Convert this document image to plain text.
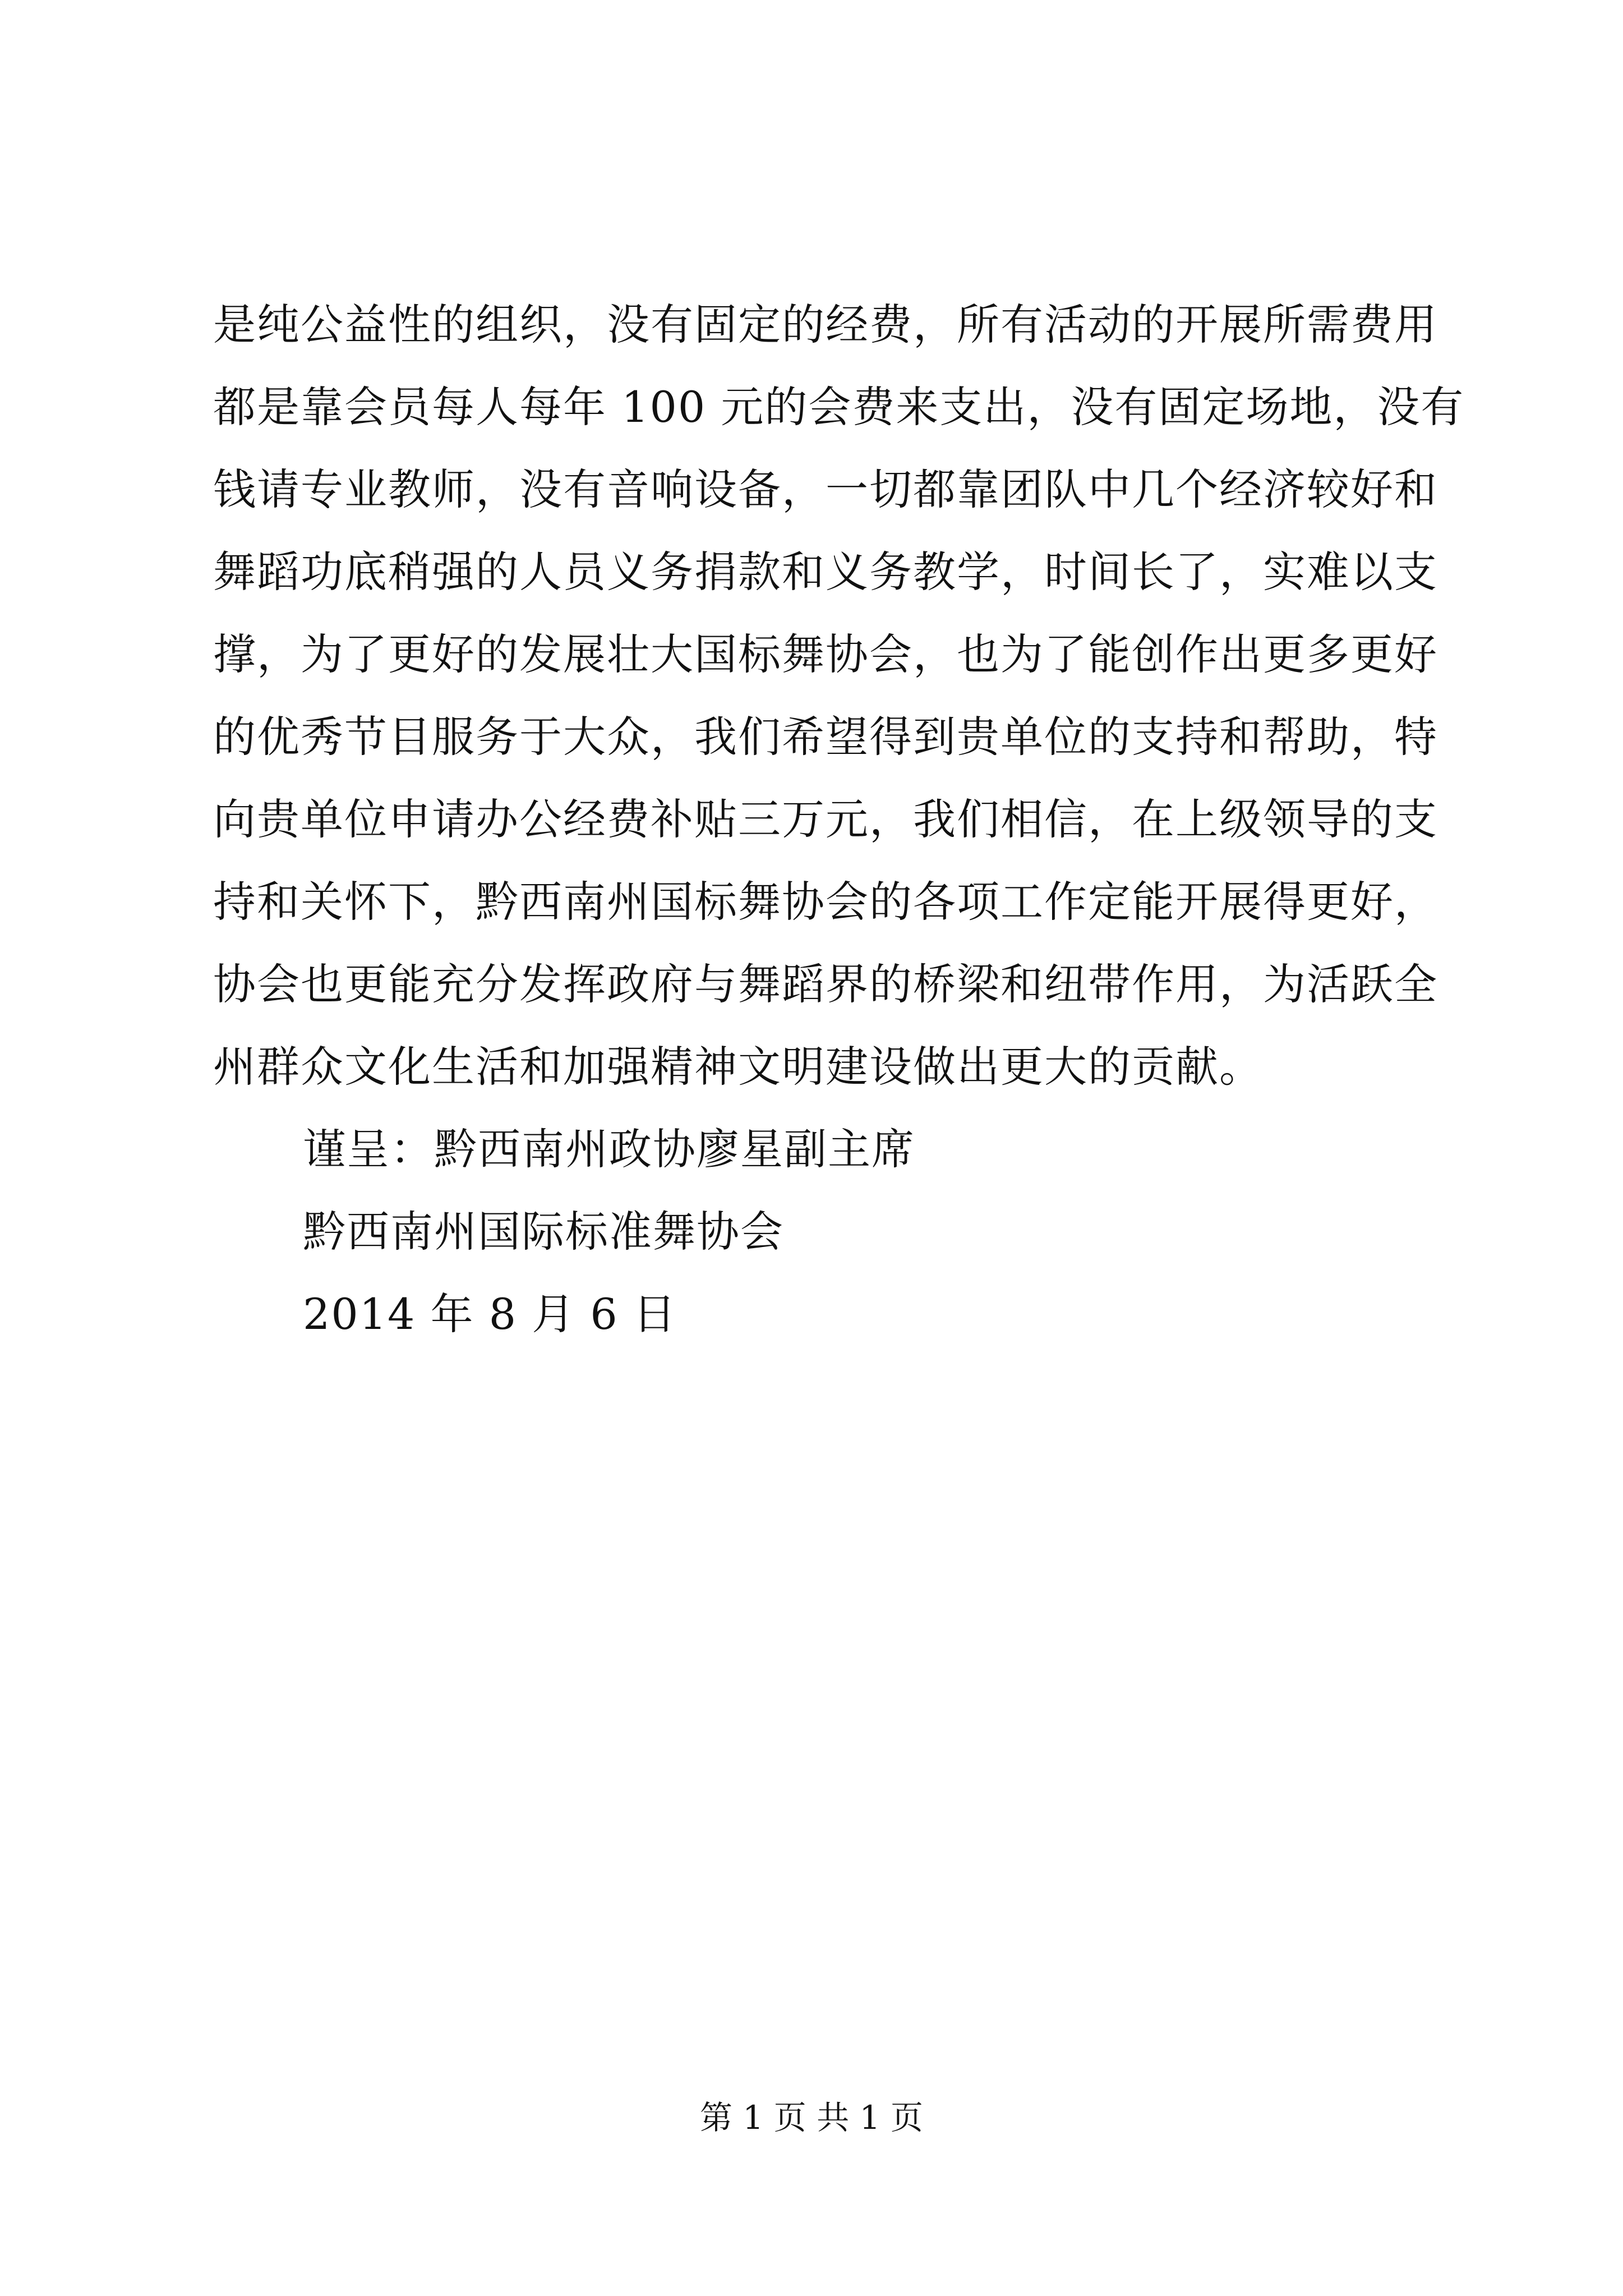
是纯公益性的组织，没有固定的经费，所有活动的开展所需费用
都是靠会员每人每年 100 元的会费来支出，没有固定场地，没有
钱请专业教师，没有音响设备，一切都靠团队中几个经济较好和
舞蹈功底稍强的人员义务捐款和义务教学，时间长了，实难以支
撑，为了更好的发展壮大国标舞协会，也为了能创作出更多更好
的优秀节目服务于大众，我们希望得到贵单位的支持和帮助，特
向贵单位申请办公经费补贴三万元，我们相信，在上级领导的支
持和关怀下，黔西南州国标舞协会的各项工作定能开展得更好，
协会也更能充分发挥政府与舞蹈界的桥梁和纽带作用，为活跃全
州群众文化生活和加强精神文明建设做出更大的贡献。
谨呈：黔西南州政协廖星副主席
黔西南州国际标准舞协会
2014 年 8 月 6 日
第 1 页 共 1 页
